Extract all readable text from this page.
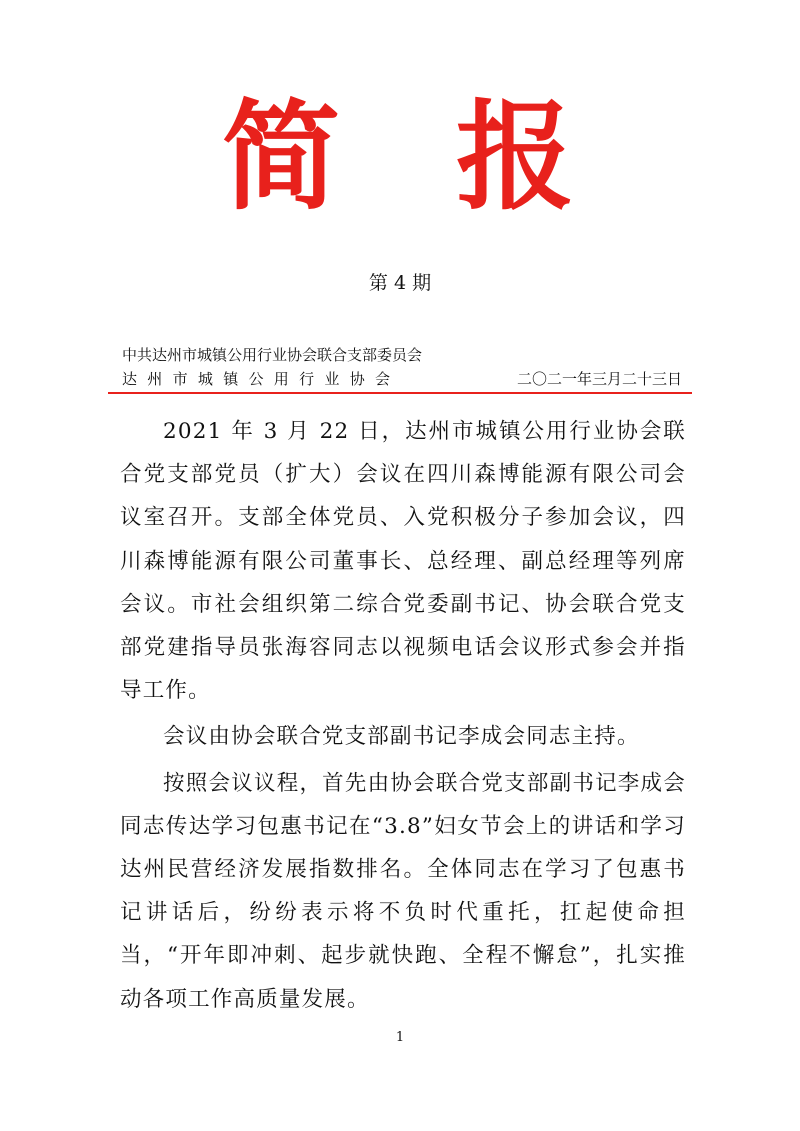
简 报
第 4 期
中共达州市城镇公用行业协会联合支部委员会
达州市城镇公用行业协会	二〇二一年三月二十三日

2021 年 3 月 22 日，达州市城镇公用行业协会联合党支部党员（扩大）会议在四川森博能源有限公司会议室召开。支部全体党员、入党积极分子参加会议，四川森博能源有限公司董事长、总经理、副总经理等列席会议。市社会组织第二综合党委副书记、协会联合党支部党建指导员张海容同志以视频电话会议形式参会并指导工作。

会议由协会联合党支部副书记李成会同志主持。

按照会议议程，首先由协会联合党支部副书记李成会同志传达学习包惠书记在“3.8”妇女节会上的讲话和学习达州民营经济发展指数排名。全体同志在学习了包惠书记讲话后，纷纷表示将不负时代重托，扛起使命担当，“开年即冲刺、起步就快跑、全程不懈怠”，扎实推动各项工作高质量发展。

1
